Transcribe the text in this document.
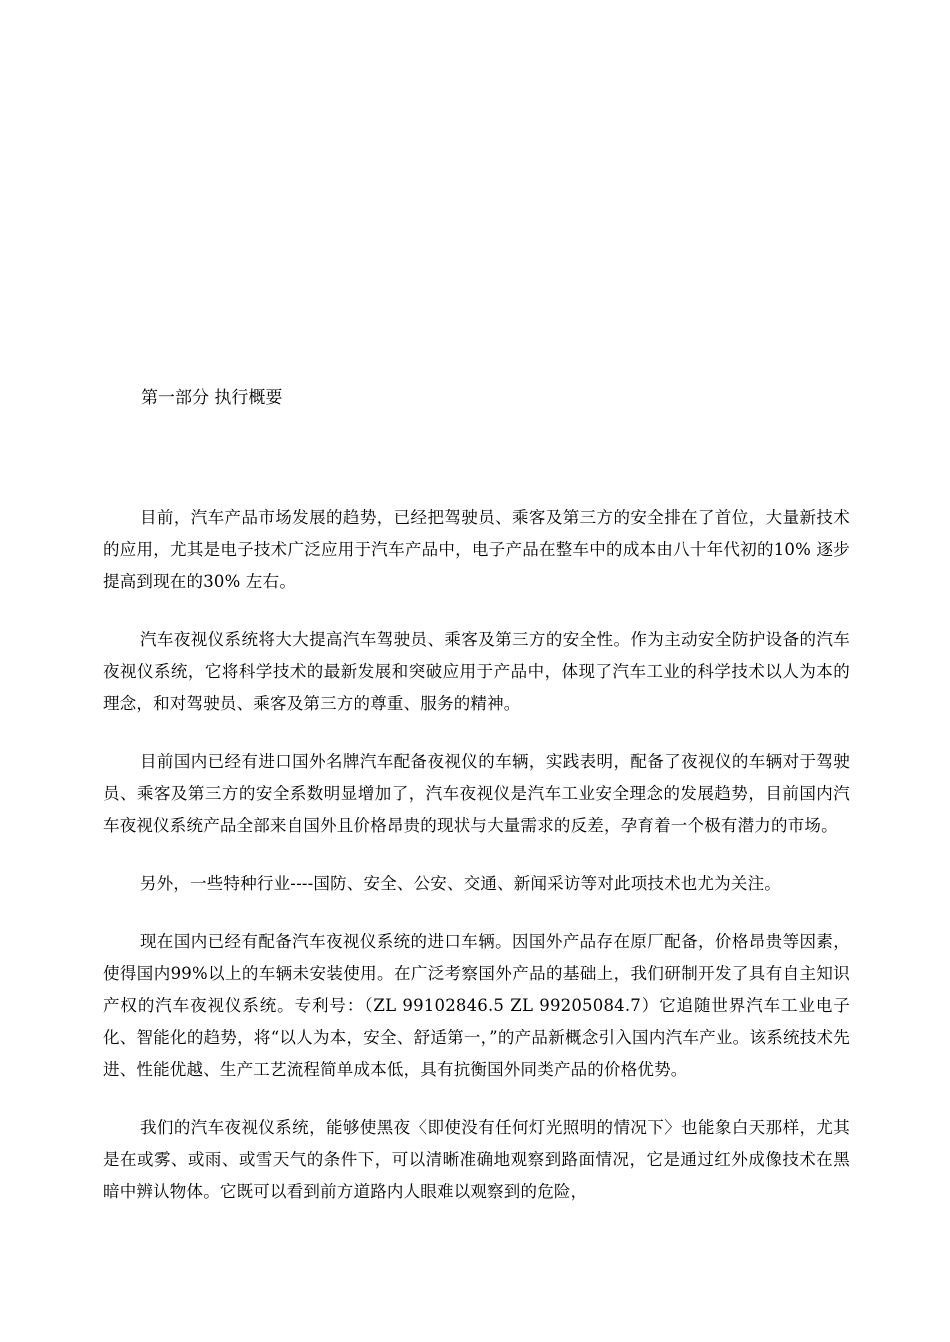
第一部分 执行概要

目前，汽车产品市场发展的趋势，已经把驾驶员、乘客及第三方的安全排在了首位，大量新技术的应用，尤其是电子技术广泛应用于汽车产品中，电子产品在整车中的成本由八十年代初的10% 逐步提高到现在的30% 左右。

汽车夜视仪系统将大大提高汽车驾驶员、乘客及第三方的安全性。作为主动安全防护设备的汽车夜视仪系统，它将科学技术的最新发展和突破应用于产品中，体现了汽车工业的科学技术以人为本的理念，和对驾驶员、乘客及第三方的尊重、服务的精神。

目前国内已经有进口国外名牌汽车配备夜视仪的车辆，实践表明，配备了夜视仪的车辆对于驾驶员、乘客及第三方的安全系数明显增加了，汽车夜视仪是汽车工业安全理念的发展趋势，目前国内汽车夜视仪系统产品全部来自国外且价格昂贵的现状与大量需求的反差，孕育着一个极有潜力的市场。

另外，一些特种行业----国防、安全、公安、交通、新闻采访等对此项技术也尤为关注。

现在国内已经有配备汽车夜视仪系统的进口车辆。因国外产品存在原厂配备，价格昂贵等因素，使得国内99%以上的车辆未安装使用。在广泛考察国外产品的基础上，我们研制开发了具有自主知识产权的汽车夜视仪系统。专利号：（ZL 99102846.5 ZL 99205084.7）它追随世界汽车工业电子化、智能化的趋势，将“以人为本，安全、舒适第一，”的产品新概念引入国内汽车产业。该系统技术先进、性能优越、生产工艺流程简单成本低，具有抗衡国外同类产品的价格优势。

我们的汽车夜视仪系统，能够使黑夜〈即使没有任何灯光照明的情况下〉也能象白天那样，尤其是在或雾、或雨、或雪天气的条件下，可以清晰准确地观察到路面情况，它是通过红外成像技术在黑暗中辨认物体。它既可以看到前方道路内人眼难以观察到的危险，
